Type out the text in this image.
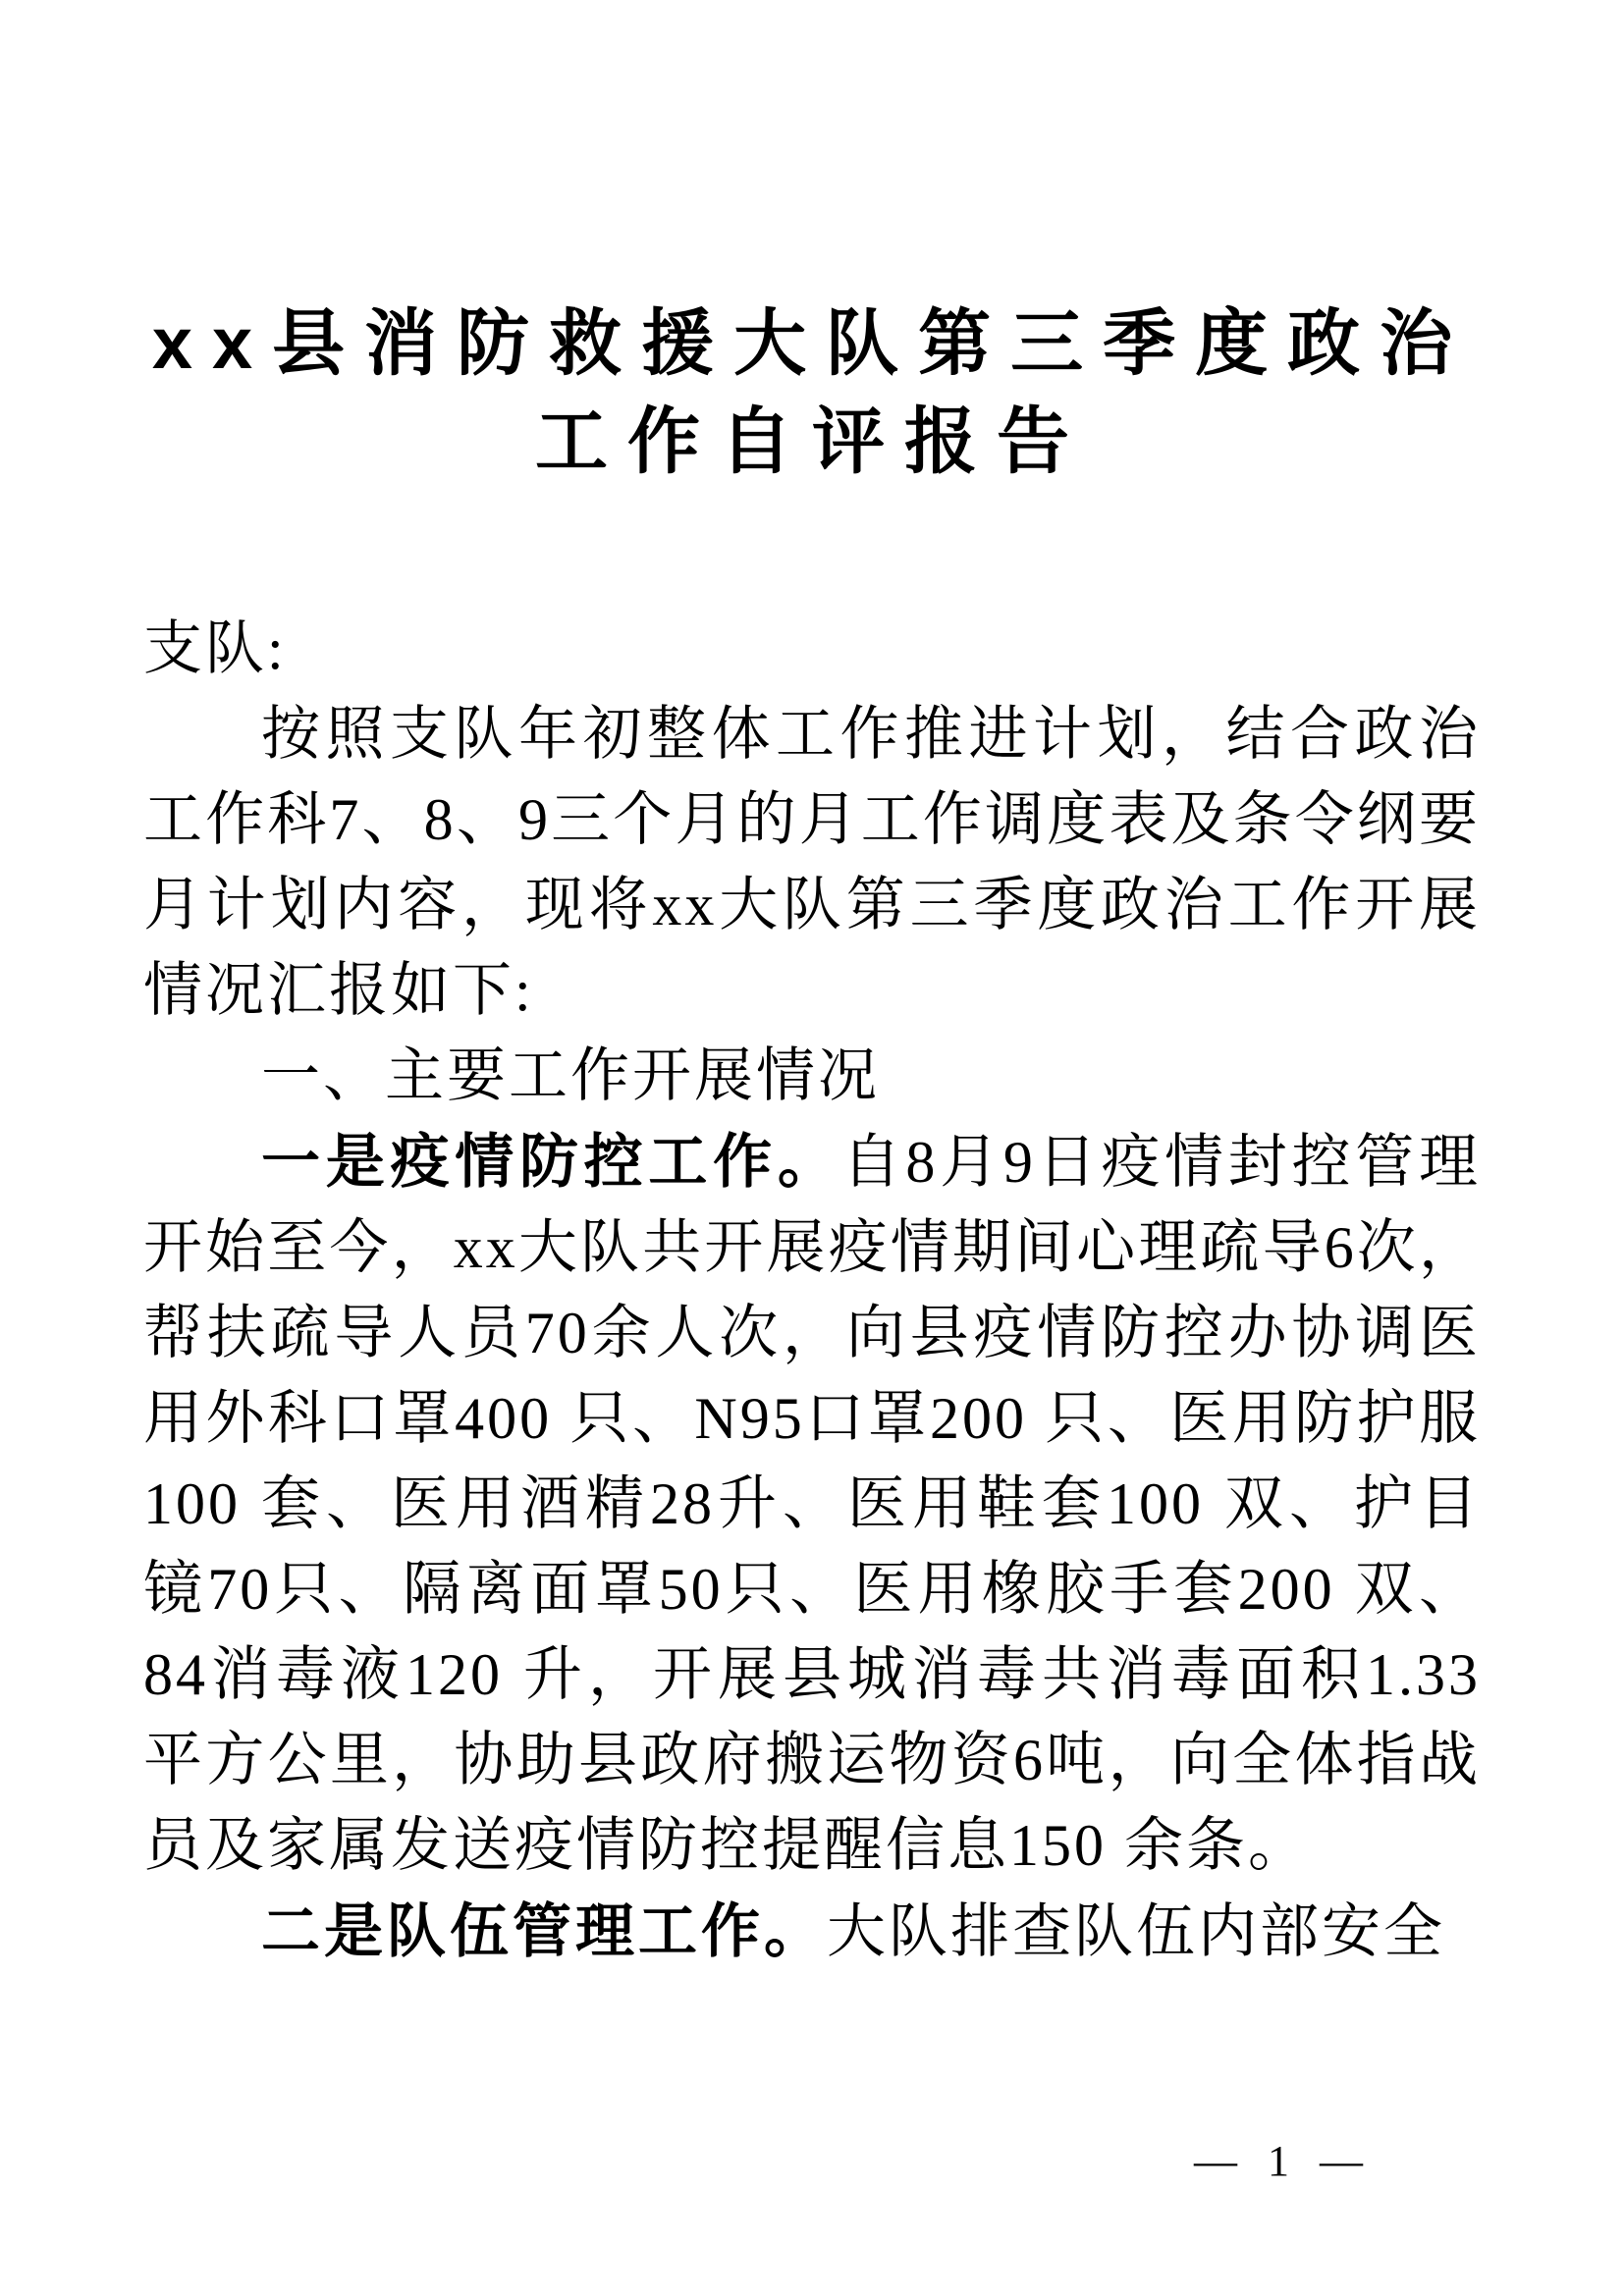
xx县消防救援大队第三季度政治
工作自评报告

支队:

按照支队年初整体工作推进计划，结合政治工作科7、8、9三个月的月工作调度表及条令纲要月计划内容，现将xx大队第三季度政治工作开展情况汇报如下:

一、主要工作开展情况

一是疫情防控工作。自8月9日疫情封控管理开始至今，xx大队共开展疫情期间心理疏导6次，帮扶疏导人员70余人次，向县疫情防控办协调医用外科口罩400 只、N95口罩200 只、医用防护服100 套、医用酒精28升、医用鞋套100 双、护目镜70只、隔离面罩50只、医用橡胶手套200 双、84消毒液120 升，开展县城消毒共消毒面积1.33平方公里，协助县政府搬运物资6吨，向全体指战员及家属发送疫情防控提醒信息150 余条。

二是队伍管理工作。大队排查队伍内部安全

— 1 —
